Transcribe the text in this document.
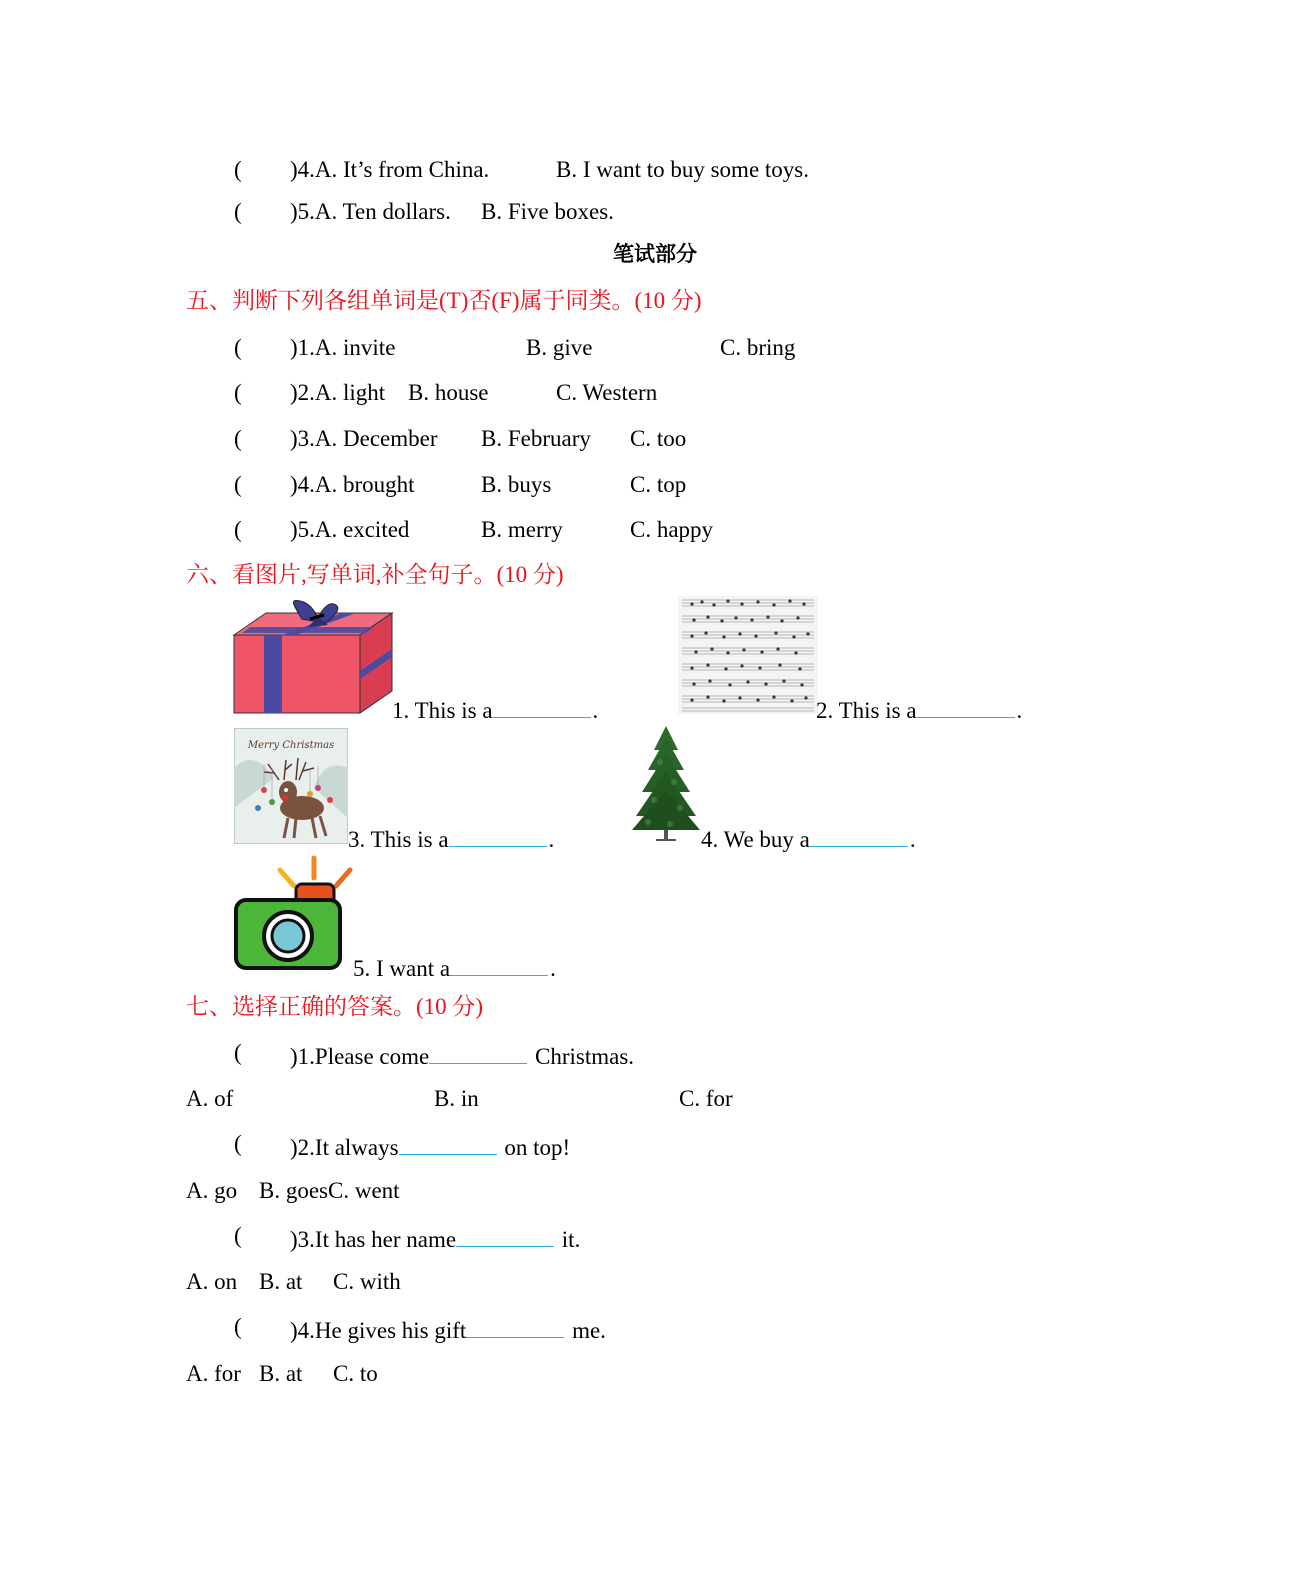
( )4.A. It’s from China.	B. I want to buy some toys.
( )5.A. Ten dollars. B. Five boxes.
笔试部分
五、判断下列各组单词是(T)否(F)属于同类。(10 分)
( )1.A. invite	B. give	C. bring
( )2.A. light B. house	C. Western
( )3.A. December B. February C. too
( )4.A. brought	B. buys	C. top
( )5.A. excited	B. merry	C. happy
六、看图片,写单词,补全句子。(10 分)
1. This is a	.	2. This is a	.
Merry Christmas
3. This is a	.	4. We buy a	.
5. I want a	.
七、选择正确的答案。(10 分)
( )1.Please come	Christmas.
A. of	B. in	C. for
( )2.It always	on top!
A. go B. goesC. went
( )3.It has her name	it.
A. on B. at C. with
( )4.He gives his gift	me.
A. for B. at C. to
